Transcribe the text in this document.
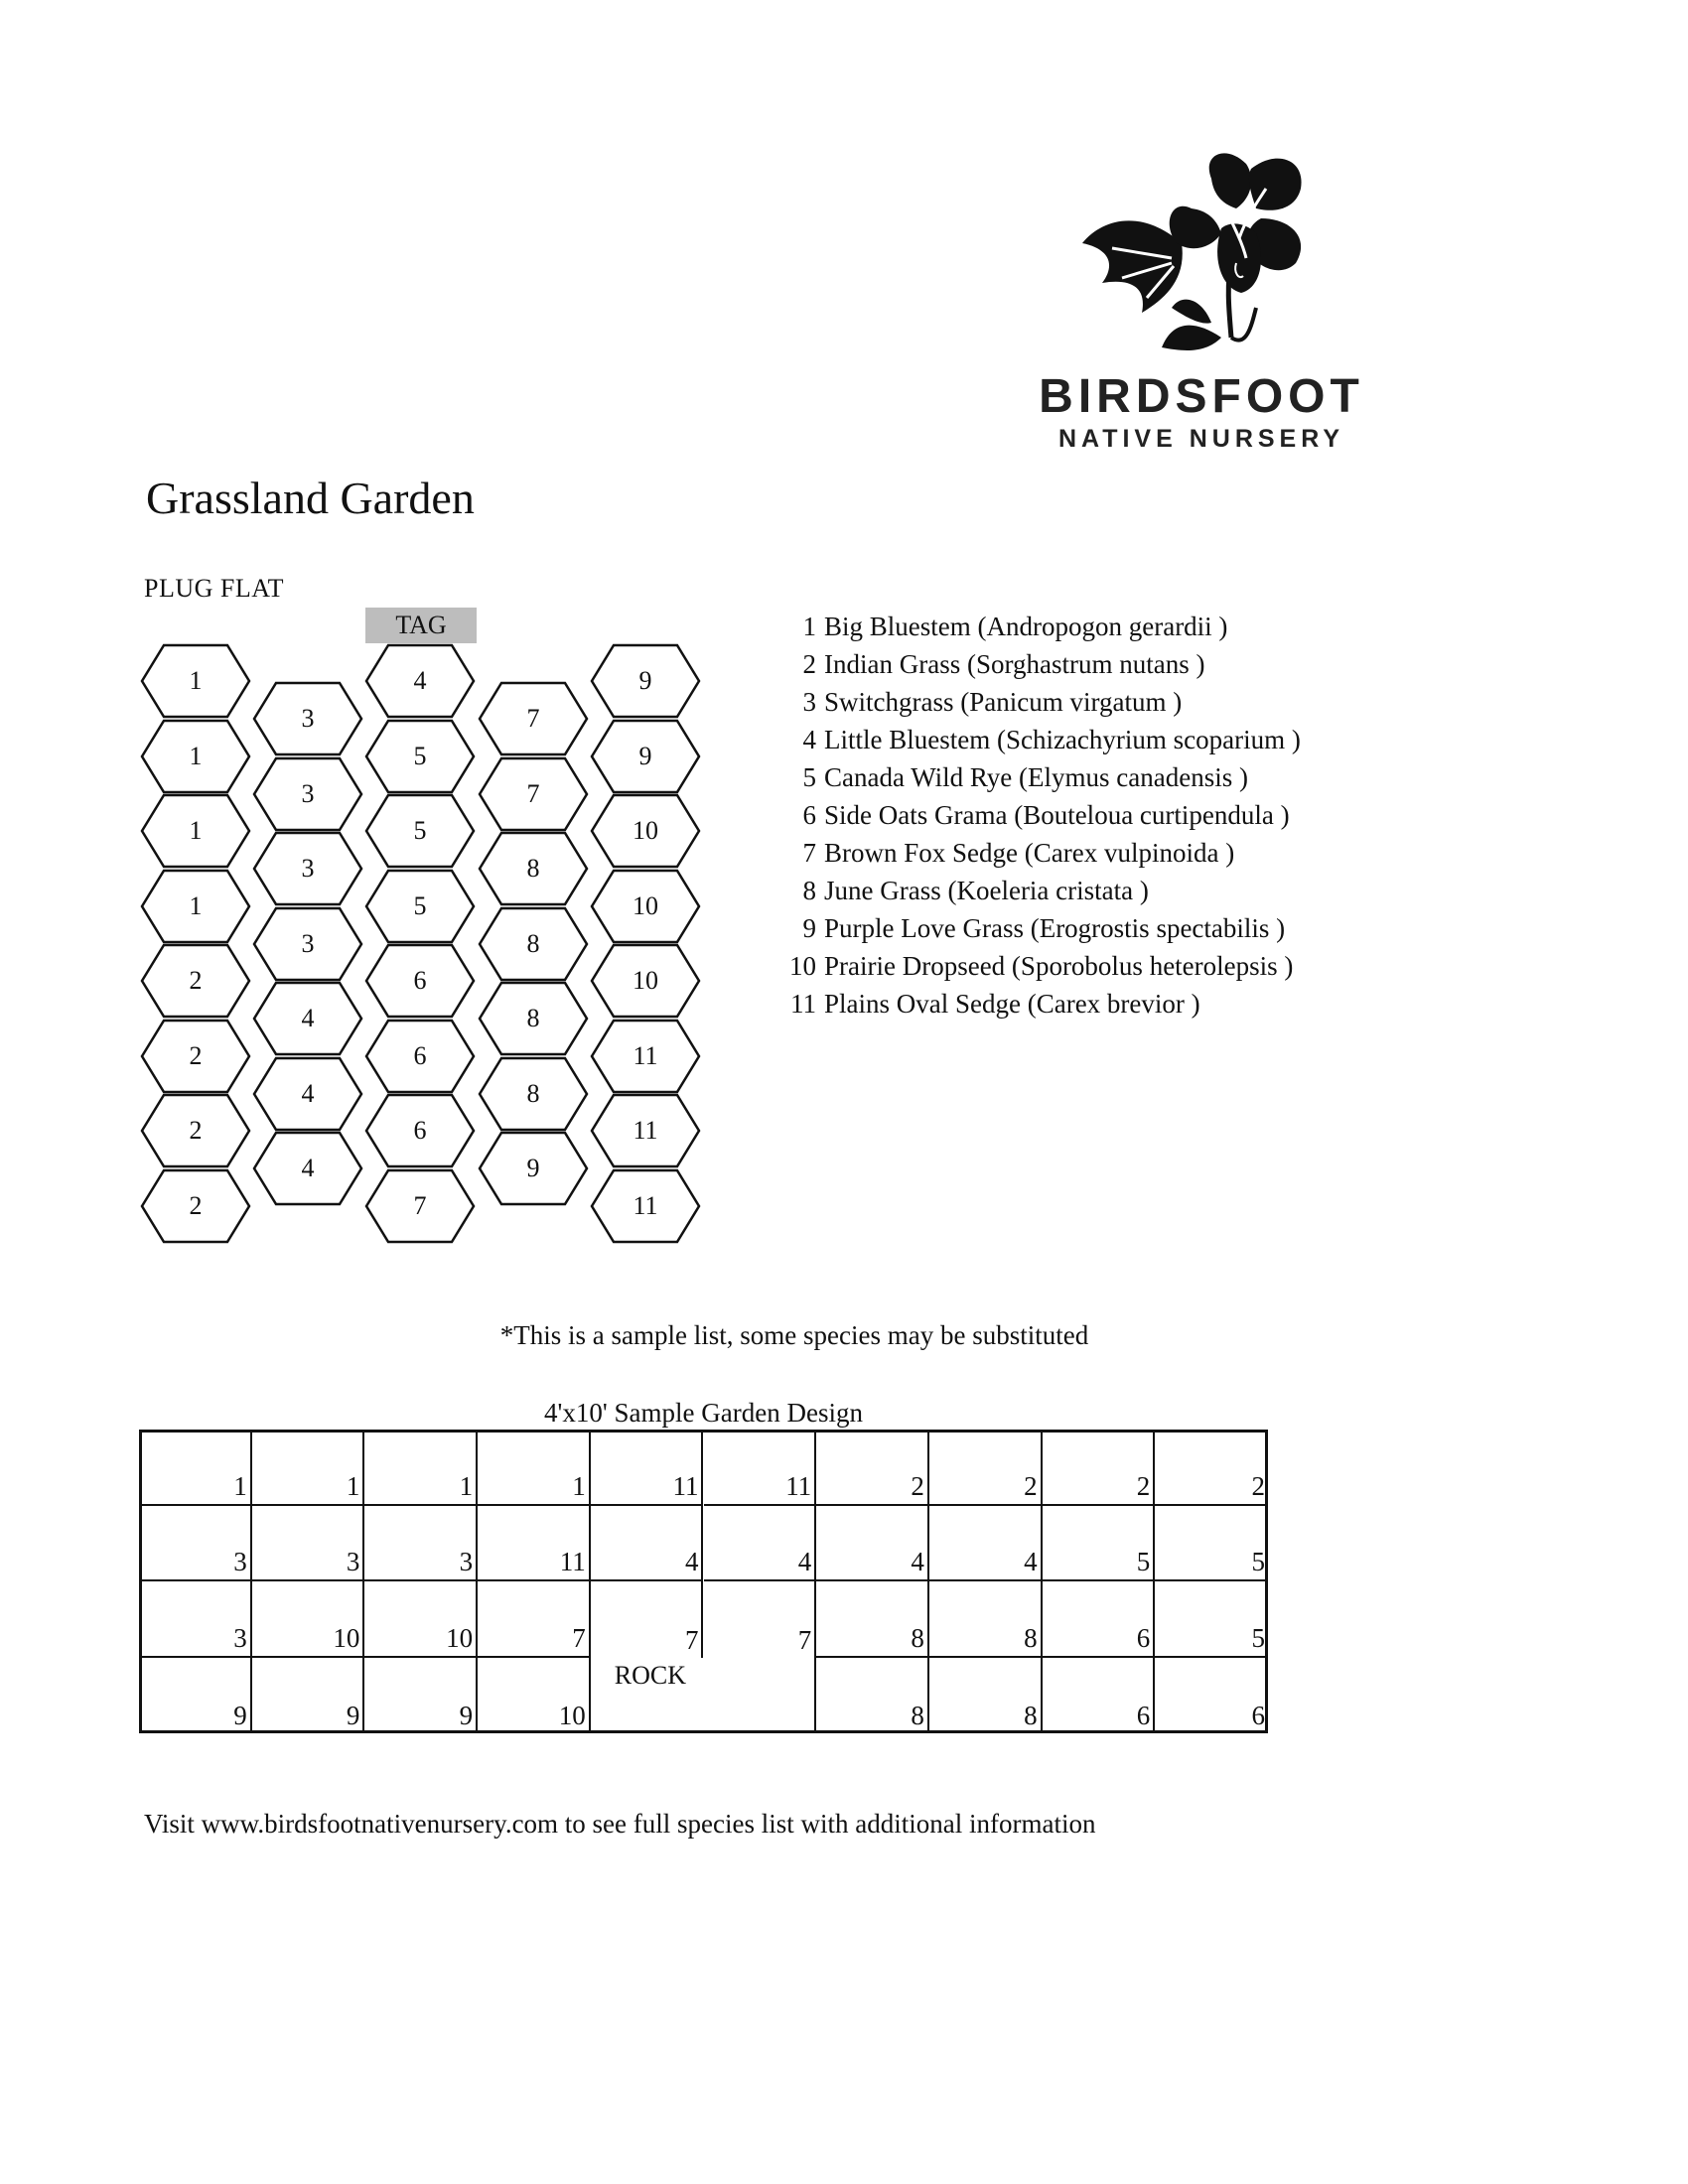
BIRDSFOOT
NATIVE NURSERY
Grassland Garden
PLUG FLAT
TAG
1
1
1
1
2
2
2
2
3
3
3
3
4
4
4
4
5
5
5
6
6
6
7
7
7
8
8
8
8
9
9
9
10
10
10
11
11
11
1 Big Bluestem (Andropogon gerardii )
2 Indian Grass (Sorghastrum nutans )
3 Switchgrass (Panicum virgatum )
4 Little Bluestem (Schizachyrium scoparium )
5 Canada Wild Rye (Elymus canadensis )
6 Side Oats Grama (Bouteloua curtipendula )
7 Brown Fox Sedge (Carex vulpinoida )
8 June Grass (Koeleria cristata )
9 Purple Love Grass (Erogrostis spectabilis )
10 Prairie Dropseed (Sporobolus heterolepsis )
11 Plains Oval Sedge (Carex brevior )
*This is a sample list, some species may be substituted
4'x10' Sample Garden Design
6
6
8
8
10
9
9
9
5
6
8
8
7
7
7
10
10
3
5
5
4
4
4
4
11
3
3
3
2
2
2
2
11
11
1
1
1
1
ROCK
Visit www.birdsfootnativenursery.com to see full species list with additional information
